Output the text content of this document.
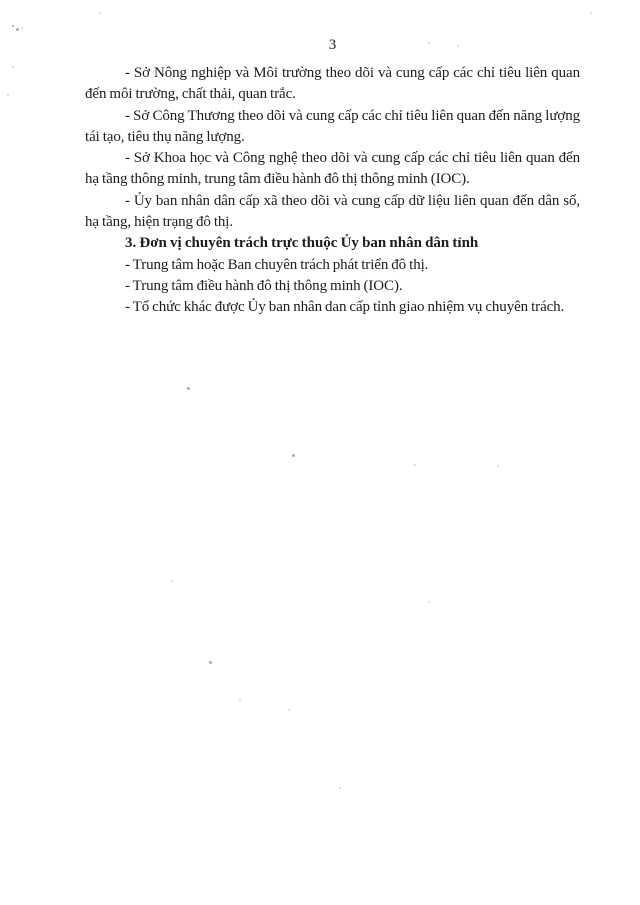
3
- Sở Nông nghiệp và Môi trường theo dõi và cung cấp các chỉ tiêu liên quan
đến môi trường, chất thải, quan trắc.
- Sở Công Thương theo dõi và cung cấp các chỉ tiêu liên quan đến năng lượng
tái tạo, tiêu thụ năng lượng.
- Sở Khoa học và Công nghệ theo dõi và cung cấp các chỉ tiêu liên quan đến
hạ tầng thông minh, trung tâm điều hành đô thị thông minh (IOC).
- Ủy ban nhân dân cấp xã theo dõi và cung cấp dữ liệu liên quan đến dân số,
hạ tầng, hiện trạng đô thị.
3. Đơn vị chuyên trách trực thuộc Ủy ban nhân dân tỉnh
- Trung tâm hoặc Ban chuyên trách phát triển đô thị.
- Trung tâm điều hành đô thị thông minh (IOC).
- Tổ chức khác được Ủy ban nhân dan cấp tỉnh giao nhiệm vụ chuyên trách.
